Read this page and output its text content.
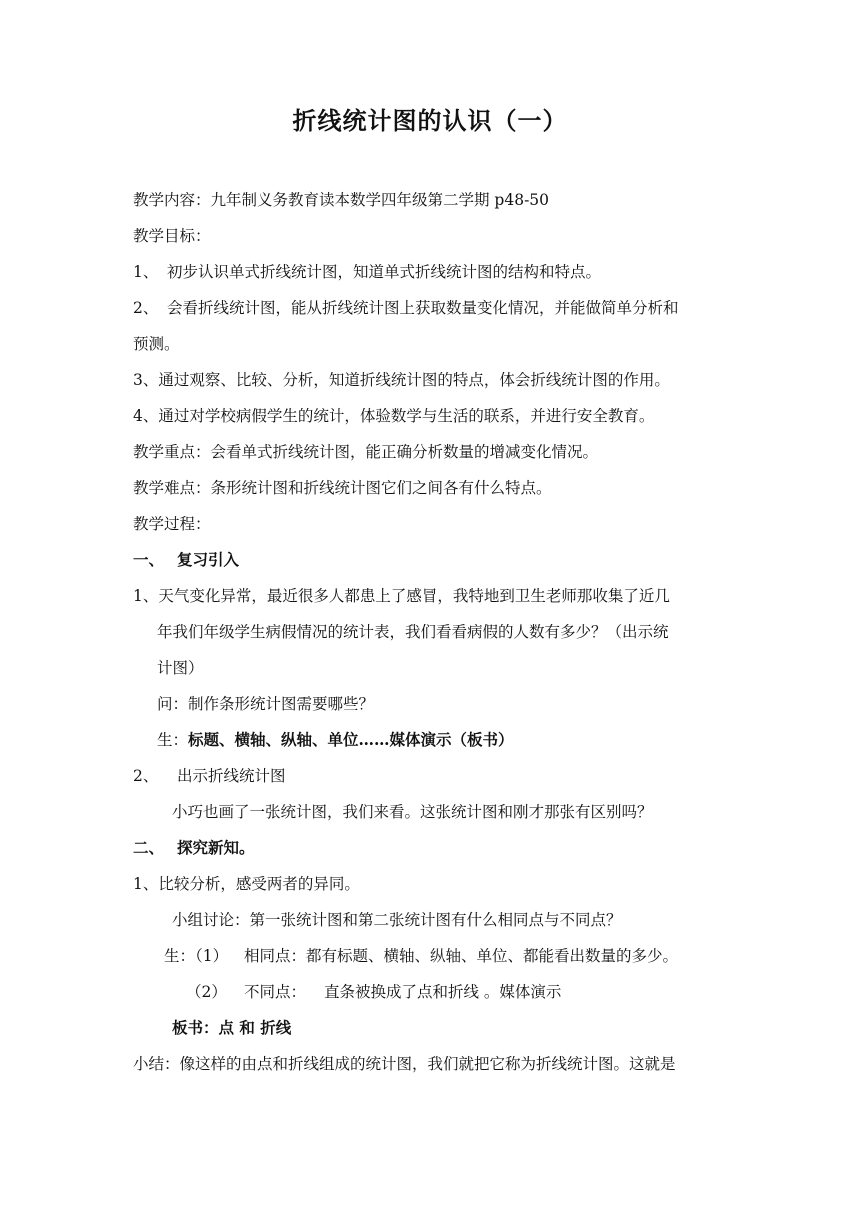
折线统计图的认识（一）
教学内容：九年制义务教育读本数学四年级第二学期 p48-50
教学目标：
1、 初步认识单式折线统计图，知道单式折线统计图的结构和特点。
2、 会看折线统计图，能从折线统计图上获取数量变化情况，并能做简单分析和
预测。
3、通过观察、比较、分析，知道折线统计图的特点，体会折线统计图的作用。
4、通过对学校病假学生的统计，体验数学与生活的联系，并进行安全教育。
教学重点：会看单式折线统计图，能正确分析数量的增减变化情况。
教学难点：条形统计图和折线统计图它们之间各有什么特点。
教学过程：
一、 复习引入
1、天气变化异常，最近很多人都患上了感冒，我特地到卫生老师那收集了近几
年我们年级学生病假情况的统计表，我们看看病假的人数有多少？（出示统
计图）
问：制作条形统计图需要哪些？
生：标题、横轴、纵轴、单位……媒体演示（板书）
2、 出示折线统计图
小巧也画了一张统计图，我们来看。这张统计图和刚才那张有区别吗？
二、 探究新知。
1、比较分析，感受两者的异同。
小组讨论：第一张统计图和第二张统计图有什么相同点与不同点？
生：（1） 相同点：都有标题、横轴、纵轴、单位、都能看出数量的多少。
（2） 不同点： 直条被换成了点和折线 。媒体演示
板书：点 和 折线
小结：像这样的由点和折线组成的统计图，我们就把它称为折线统计图。这就是
